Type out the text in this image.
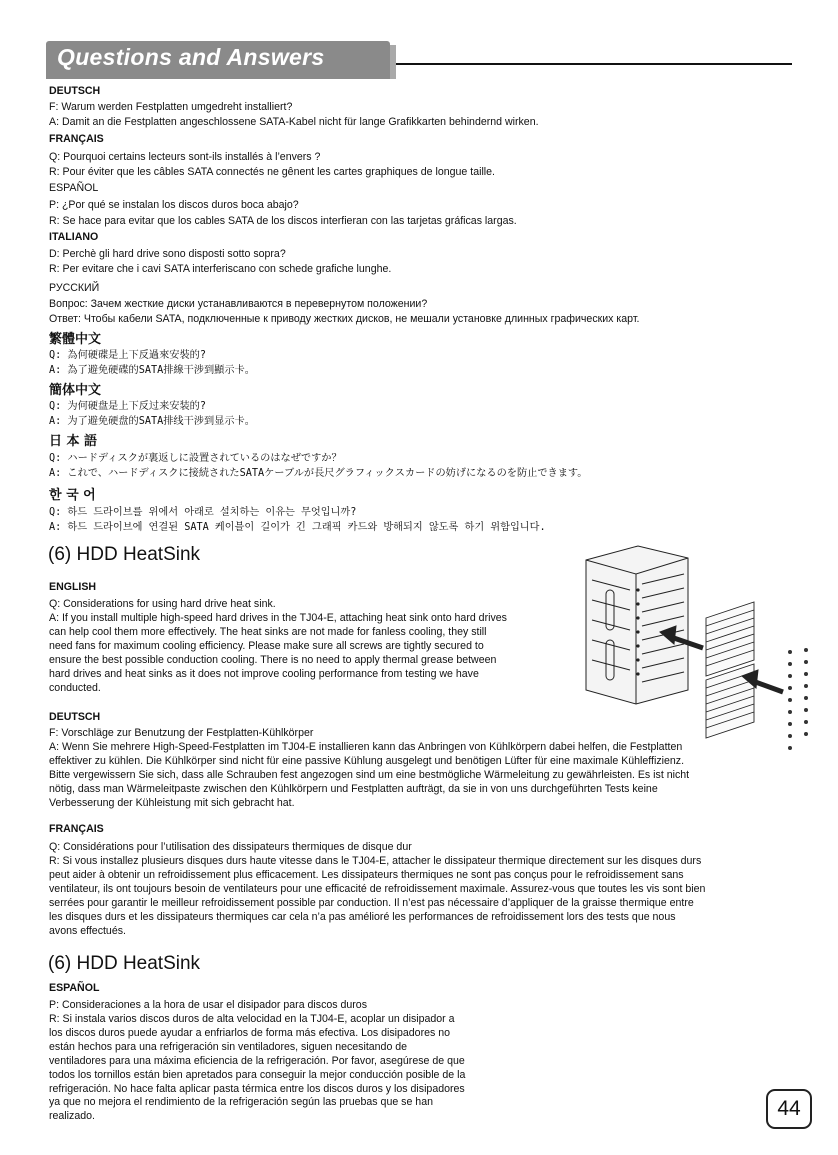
Questions and Answers
DEUTSCH
F: Warum werden Festplatten umgedreht installiert?
A: Damit an die Festplatten angeschlossene SATA-Kabel nicht für lange Grafikkarten behindernd wirken.
FRANÇAIS
Q: Pourquoi certains lecteurs sont-ils installés à l’envers ?
R: Pour éviter que les câbles SATA connectés ne gênent les cartes graphiques de longue taille.
ESPAÑOL
P: ¿Por qué se instalan los discos duros boca abajo?
R: Se hace para evitar que los cables SATA de los discos interfieran con las tarjetas gráficas largas.
ITALIANO
D: Perchè gli hard drive sono disposti sotto sopra?
R: Per evitare che i cavi SATA interferiscano con schede grafiche lunghe.
РУССКИЙ
Вопрос: Зачем жесткие диски устанавливаются в перевернутом положении?
Ответ: Чтобы кабели SATA, подключенные к приводу жестких дисков, не мешали установке длинных графических карт.
繁體中文
Q: 為何硬碟是上下反過來安裝的?
A: 為了避免硬碟的SATA排線干涉到顯示卡。
簡体中文
Q: 为何硬盘是上下反过来安装的?
A: 为了避免硬盘的SATA排线干涉到显示卡。
日 本 語
Q: ハードディスクが裏返しに設置されているのはなぜですか？
A: これで、ハードディスクに接続されたSATAケーブルが長尺グラフィックスカードの妨げになるのを防止できます。
한 국 어
Q: 하드 드라이브를 위에서 아래로 설치하는 이유는 무엇입니까?
A: 하드 드라이브에 연결된 SATA 케이블이 길이가 긴 그래픽 카드와 방해되지 않도록 하기 위함입니다.
(6) HDD HeatSink
ENGLISH
Q: Considerations for using hard drive heat sink.
A: If you install multiple high-speed hard drives in the TJ04-E, attaching heat sink onto hard drives
can help cool them more effectively. The heat sinks are not made for fanless cooling, they still
need fans for maximum cooling efficiency. Please make sure all screws are tightly secured to
ensure the best possible conduction cooling. There is no need to apply thermal grease between
hard drives and heat sinks as it does not improve cooling performance from testing we have
conducted.
DEUTSCH
F: Vorschläge zur Benutzung der Festplatten-Kühlkörper
A: Wenn Sie mehrere High-Speed-Festplatten im TJ04-E installieren kann das Anbringen von Kühlkörpern dabei helfen, die Festplatten
effektiver zu kühlen. Die Kühlkörper sind nicht für eine passive Kühlung ausgelegt und benötigen Lüfter für eine maximale Kühleffizienz.
Bitte vergewissern Sie sich, dass alle Schrauben fest angezogen sind um eine bestmögliche Wärmeleitung zu gewährleisten. Es ist nicht
nötig, dass man Wärmeleitpaste zwischen den Kühlkörpern und Festplatten aufträgt, da sie in von uns durchgeführten Tests keine
Verbesserung der Kühleistung mit sich gebracht hat.
FRANÇAIS
Q: Considérations pour l’utilisation des dissipateurs thermiques de disque dur
R: Si vous installez plusieurs disques durs haute vitesse dans le TJ04-E, attacher le dissipateur thermique directement sur les disques durs
peut aider à obtenir un refroidissement plus efficacement. Les dissipateurs thermiques ne sont pas conçus pour le refroidissement sans
ventilateur, ils ont toujours besoin de ventilateurs pour une efficacité de refroidissement maximale. Assurez-vous que toutes les vis sont bien
serrées pour garantir le meilleur refroidissement possible par conduction. Il n’est pas nécessaire d’appliquer de la graisse thermique entre
les disques durs et les dissipateurs thermiques car cela n’a pas amélioré les performances de refroidissement lors des tests que nous
avons effectués.
(6) HDD HeatSink
ESPAÑOL
P: Consideraciones a la hora de usar el disipador para discos duros
R: Si instala varios discos duros de alta velocidad en la TJ04-E, acoplar un disipador a
los discos duros puede ayudar a enfriarlos de forma más efectiva. Los disipadores no
están hechos para una refrigeración sin ventiladores, siguen necesitando de
ventiladores para una máxima eficiencia de la refrigeración. Por favor, asegúrese de que
todos los tornillos están bien apretados para conseguir la mejor conducción posible de la
refrigeración. No hace falta aplicar pasta térmica entre los discos duros y los disipadores
ya que no mejora el rendimiento de la refrigeración según las pruebas que se han
realizado.	44
